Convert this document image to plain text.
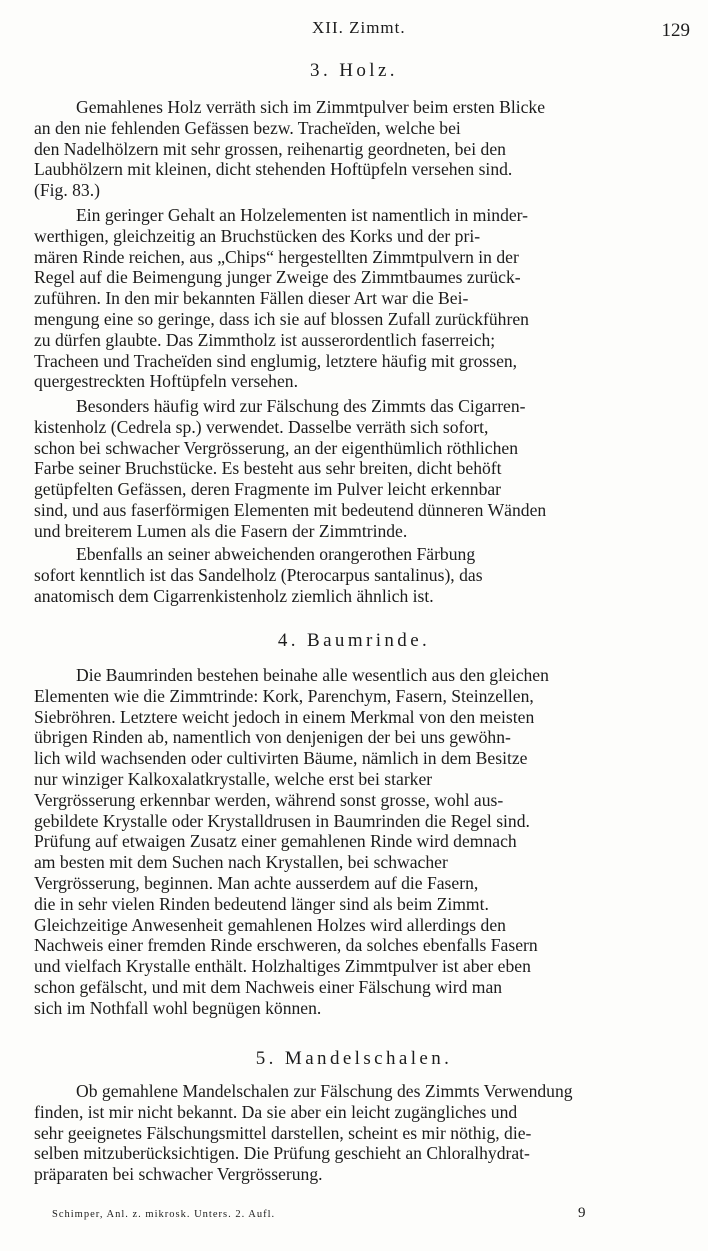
XII. Zimmt.	129
3. Holz.

Gemahlenes Holz verräth sich im Zimmtpulver beim ersten Blicke
an den nie fehlenden Gefässen bezw. Tracheïden, welche bei
den Nadelhölzern mit sehr grossen, reihenartig geordneten, bei den
Laubhölzern mit kleinen, dicht stehenden Hoftüpfeln versehen sind.
(Fig. 83.)

Ein geringer Gehalt an Holzelementen ist namentlich in minder-
werthigen, gleichzeitig an Bruchstücken des Korks und der pri-
mären Rinde reichen, aus „Chips“ hergestellten Zimmtpulvern in der
Regel auf die Beimengung junger Zweige des Zimmtbaumes zurück-
zuführen. In den mir bekannten Fällen dieser Art war die Bei-
mengung eine so geringe, dass ich sie auf blossen Zufall zurückführen
zu dürfen glaubte. Das Zimmtholz ist ausserordentlich faserreich;
Tracheen und Tracheïden sind englumig, letztere häufig mit grossen,
quergestreckten Hoftüpfeln versehen.

Besonders häufig wird zur Fälschung des Zimmts das Cigarren-
kistenholz (Cedrela sp.) verwendet. Dasselbe verräth sich sofort,
schon bei schwacher Vergrösserung, an der eigenthümlich röthlichen
Farbe seiner Bruchstücke. Es besteht aus sehr breiten, dicht behöft
getüpfelten Gefässen, deren Fragmente im Pulver leicht erkennbar
sind, und aus faserförmigen Elementen mit bedeutend dünneren Wänden
und breiterem Lumen als die Fasern der Zimmtrinde.

Ebenfalls an seiner abweichenden orangerothen Färbung
sofort kenntlich ist das Sandelholz (Pterocarpus santalinus), das
anatomisch dem Cigarrenkistenholz ziemlich ähnlich ist.

4. Baumrinde.

Die Baumrinden bestehen beinahe alle wesentlich aus den gleichen
Elementen wie die Zimmtrinde: Kork, Parenchym, Fasern, Steinzellen,
Siebröhren. Letztere weicht jedoch in einem Merkmal von den meisten
übrigen Rinden ab, namentlich von denjenigen der bei uns gewöhn-
lich wild wachsenden oder cultivirten Bäume, nämlich in dem Besitze
nur winziger Kalkoxalatkrystalle, welche erst bei starker
Vergrösserung erkennbar werden, während sonst grosse, wohl aus-
gebildete Krystalle oder Krystalldrusen in Baumrinden die Regel sind.
Prüfung auf etwaigen Zusatz einer gemahlenen Rinde wird demnach
am besten mit dem Suchen nach Krystallen, bei schwacher
Vergrösserung, beginnen. Man achte ausserdem auf die Fasern,
die in sehr vielen Rinden bedeutend länger sind als beim Zimmt.
Gleichzeitige Anwesenheit gemahlenen Holzes wird allerdings den
Nachweis einer fremden Rinde erschweren, da solches ebenfalls Fasern
und vielfach Krystalle enthält. Holzhaltiges Zimmtpulver ist aber eben
schon gefälscht, und mit dem Nachweis einer Fälschung wird man
sich im Nothfall wohl begnügen können.

5. Mandelschalen.

Ob gemahlene Mandelschalen zur Fälschung des Zimmts Verwendung
finden, ist mir nicht bekannt. Da sie aber ein leicht zugängliches und
sehr geeignetes Fälschungsmittel darstellen, scheint es mir nöthig, die-
selben mitzuberücksichtigen. Die Prüfung geschieht an Chloralhydrat-
präparaten bei schwacher Vergrösserung.

Schimper, Anl. z. mikrosk. Unters. 2. Aufl.	9
